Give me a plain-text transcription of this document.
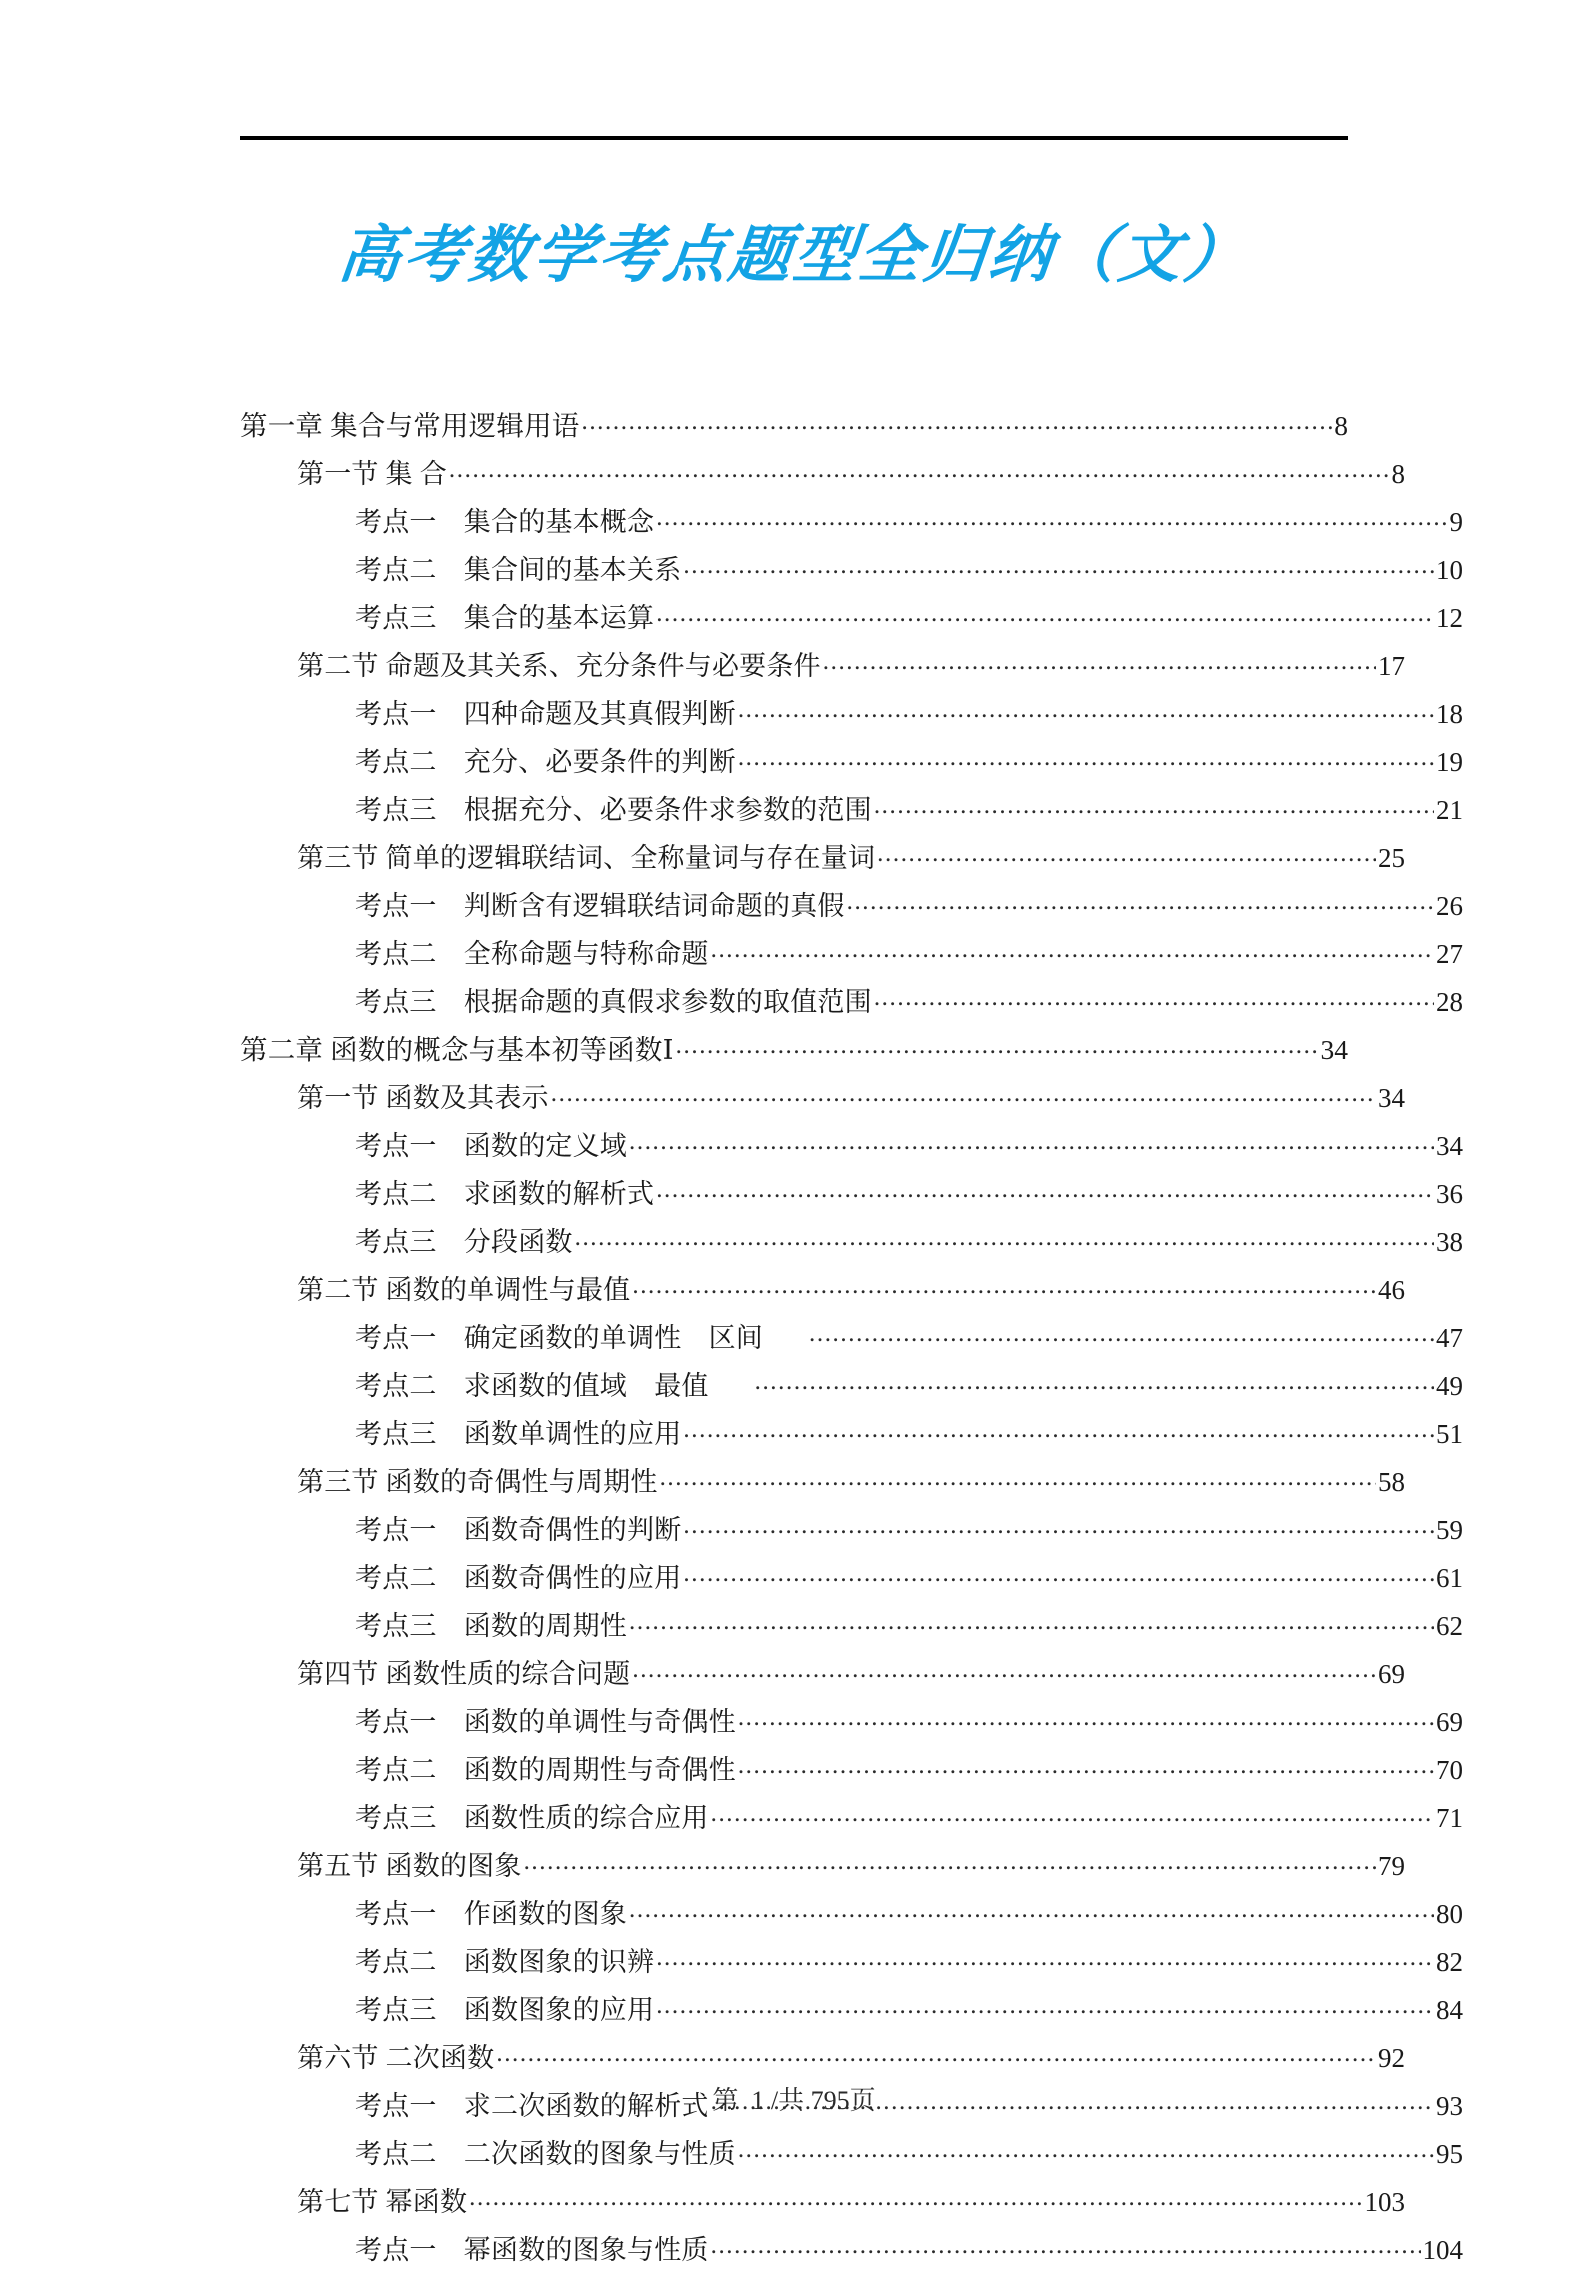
高考数学考点题型全归纳（文）
第一章 集合与常用逻辑用语 .....	8
第一节 集 合 .....	8
考点一　集合的基本概念 .....	9
考点二　集合间的基本关系 .....	10
考点三　集合的基本运算 .....	12
第二节 命题及其关系、充分条件与必要条件 .....	17
考点一　四种命题及其真假判断 .....	18
考点二　充分、必要条件的判断 .....	19
考点三　根据充分、必要条件求参数的范围 .....	21
第三节 简单的逻辑联结词、全称量词与存在量词 .....	25
考点一　判断含有逻辑联结词命题的真假 .....	26
考点二　全称命题与特称命题 .....	27
考点三　根据命题的真假求参数的取值范围 .....	28
第二章 函数的概念与基本初等函数Ⅰ .....	34
第一节 函数及其表示 .....	34
考点一　函数的定义域 .....	34
考点二　求函数的解析式 .....	36
考点三　分段函数 .....	38
第二节 函数的单调性与最值 .....	46
考点一　确定函数的单调性　区间 .....	47
考点二　求函数的值域　最值 .....	49
考点三　函数单调性的应用 .....	51
第三节 函数的奇偶性与周期性 .....	58
考点一　函数奇偶性的判断 .....	59
考点二　函数奇偶性的应用 .....	61
考点三　函数的周期性 .....	62
第四节 函数性质的综合问题 .....	69
考点一　函数的单调性与奇偶性 .....	69
考点二　函数的周期性与奇偶性 .....	70
考点三　函数性质的综合应用 .....	71
第五节 函数的图象 .....	79
考点一　作函数的图象 .....	80
考点二　函数图象的识辨 .....	82
考点三　函数图象的应用 .....	84
第六节 二次函数 .....	92
考点一　求二次函数的解析式 .....	93
考点二　二次函数的图象与性质 .....	95
第七节 幂函数 .....	103
考点一　幂函数的图象与性质 .....	104
第  1 /共 795页
